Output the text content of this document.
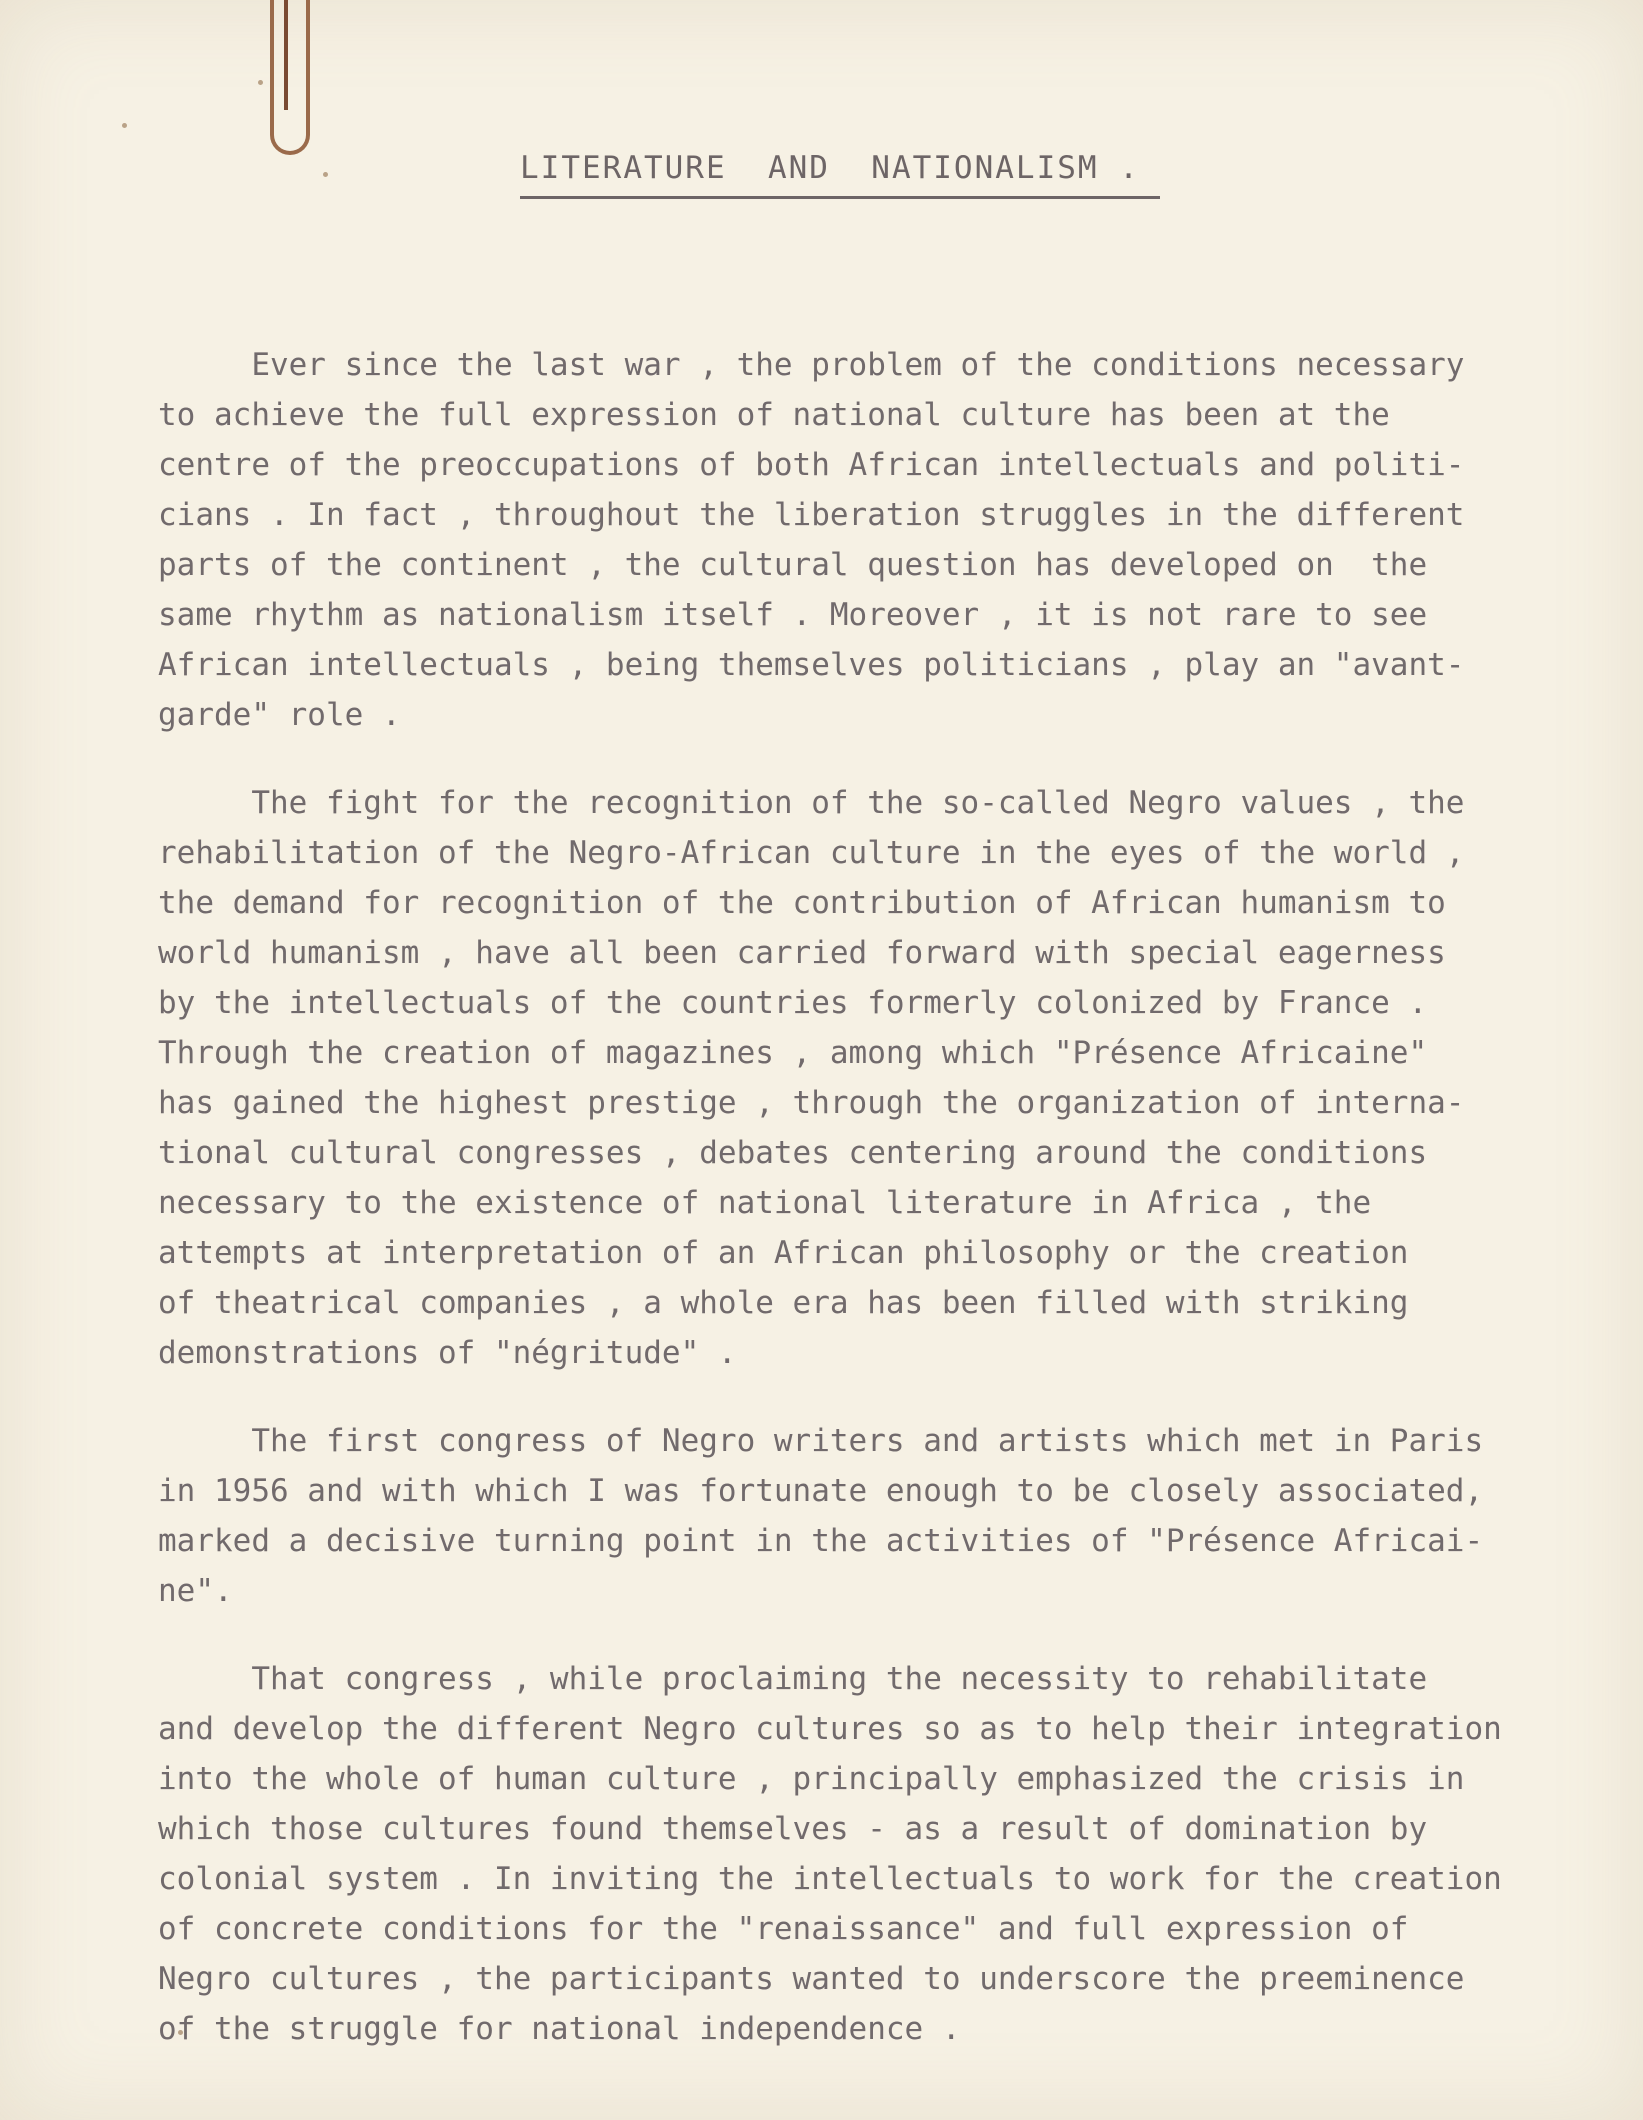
LITERATURE  AND  NATIONALISM .
Ever since the last war , the problem of the conditions necessary
to achieve the full expression of national culture has been at the
centre of the preoccupations of both African intellectuals and politi-
cians . In fact , throughout the liberation struggles in the different
parts of the continent , the cultural question has developed on  the
same rhythm as nationalism itself . Moreover , it is not rare to see
African intellectuals , being themselves politicians , play an "avant-
garde" role .
The fight for the recognition of the so-called Negro values , the
rehabilitation of the Negro-African culture in the eyes of the world ,
the demand for recognition of the contribution of African humanism to
world humanism , have all been carried forward with special eagerness
by the intellectuals of the countries formerly colonized by France .
Through the creation of magazines , among which "Présence Africaine"
has gained the highest prestige , through the organization of interna-
tional cultural congresses , debates centering around the conditions
necessary to the existence of national literature in Africa , the
attempts at interpretation of an African philosophy or the creation
of theatrical companies , a whole era has been filled with striking
demonstrations of "négritude" .
The first congress of Negro writers and artists which met in Paris
in 1956 and with which I was fortunate enough to be closely associated,
marked a decisive turning point in the activities of "Présence Africai-
ne".
That congress , while proclaiming the necessity to rehabilitate
and develop the different Negro cultures so as to help their integration
into the whole of human culture , principally emphasized the crisis in
which those cultures found themselves - as a result of domination by
colonial system . In inviting the intellectuals to work for the creation
of concrete conditions for the "renaissance" and full expression of
Negro cultures , the participants wanted to underscore the preeminence
of the struggle for national independence .
